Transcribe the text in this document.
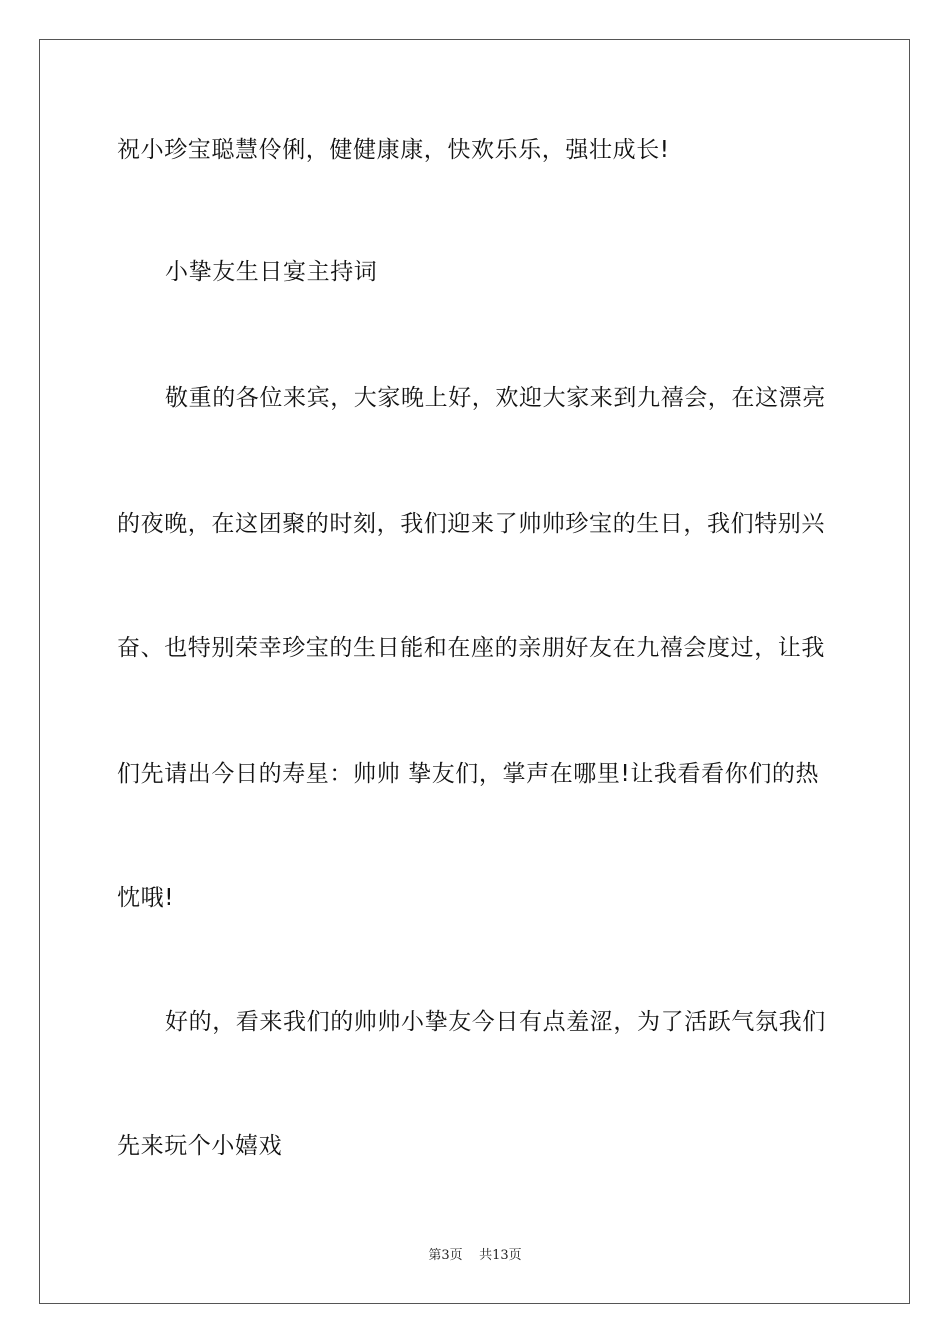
祝小珍宝聪慧伶俐，健健康康，快欢乐乐，强壮成长!
小挚友生日宴主持词
敬重的各位来宾，大家晚上好，欢迎大家来到九禧会，在这漂亮
的夜晚，在这团聚的时刻，我们迎来了帅帅珍宝的生日，我们特别兴
奋、也特别荣幸珍宝的生日能和在座的亲朋好友在九禧会度过，让我
们先请出今日的寿星：帅帅 挚友们，掌声在哪里!让我看看你们的热
忱哦!
好的，看来我们的帅帅小挚友今日有点羞涩，为了活跃气氛我们
先来玩个小嬉戏
第3页 共13页
